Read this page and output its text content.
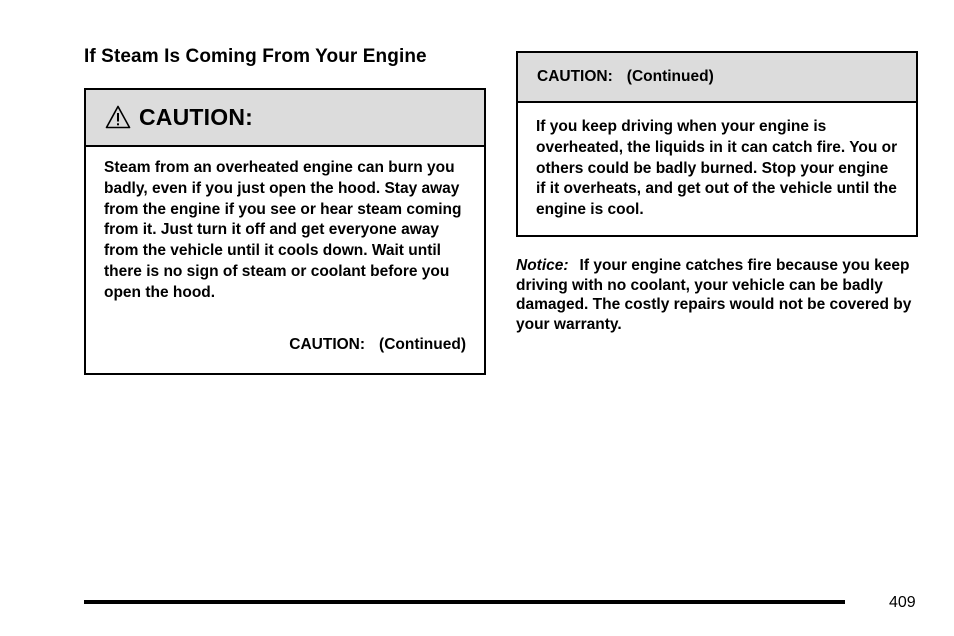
If Steam Is Coming From Your Engine
CAUTION:
Steam from an overheated engine can burn you badly, even if you just open the hood. Stay away from the engine if you see or hear steam coming from it. Just turn it off and get everyone away from the vehicle until it cools down. Wait until there is no sign of steam or coolant before you open the hood.
CAUTION: (Continued)
CAUTION: (Continued)
If you keep driving when your engine is overheated, the liquids in it can catch fire. You or others could be badly burned. Stop your engine if it overheats, and get out of the vehicle until the engine is cool.

Notice: If your engine catches fire because you keep driving with no coolant, your vehicle can be badly damaged. The costly repairs would not be covered by your warranty.

409
